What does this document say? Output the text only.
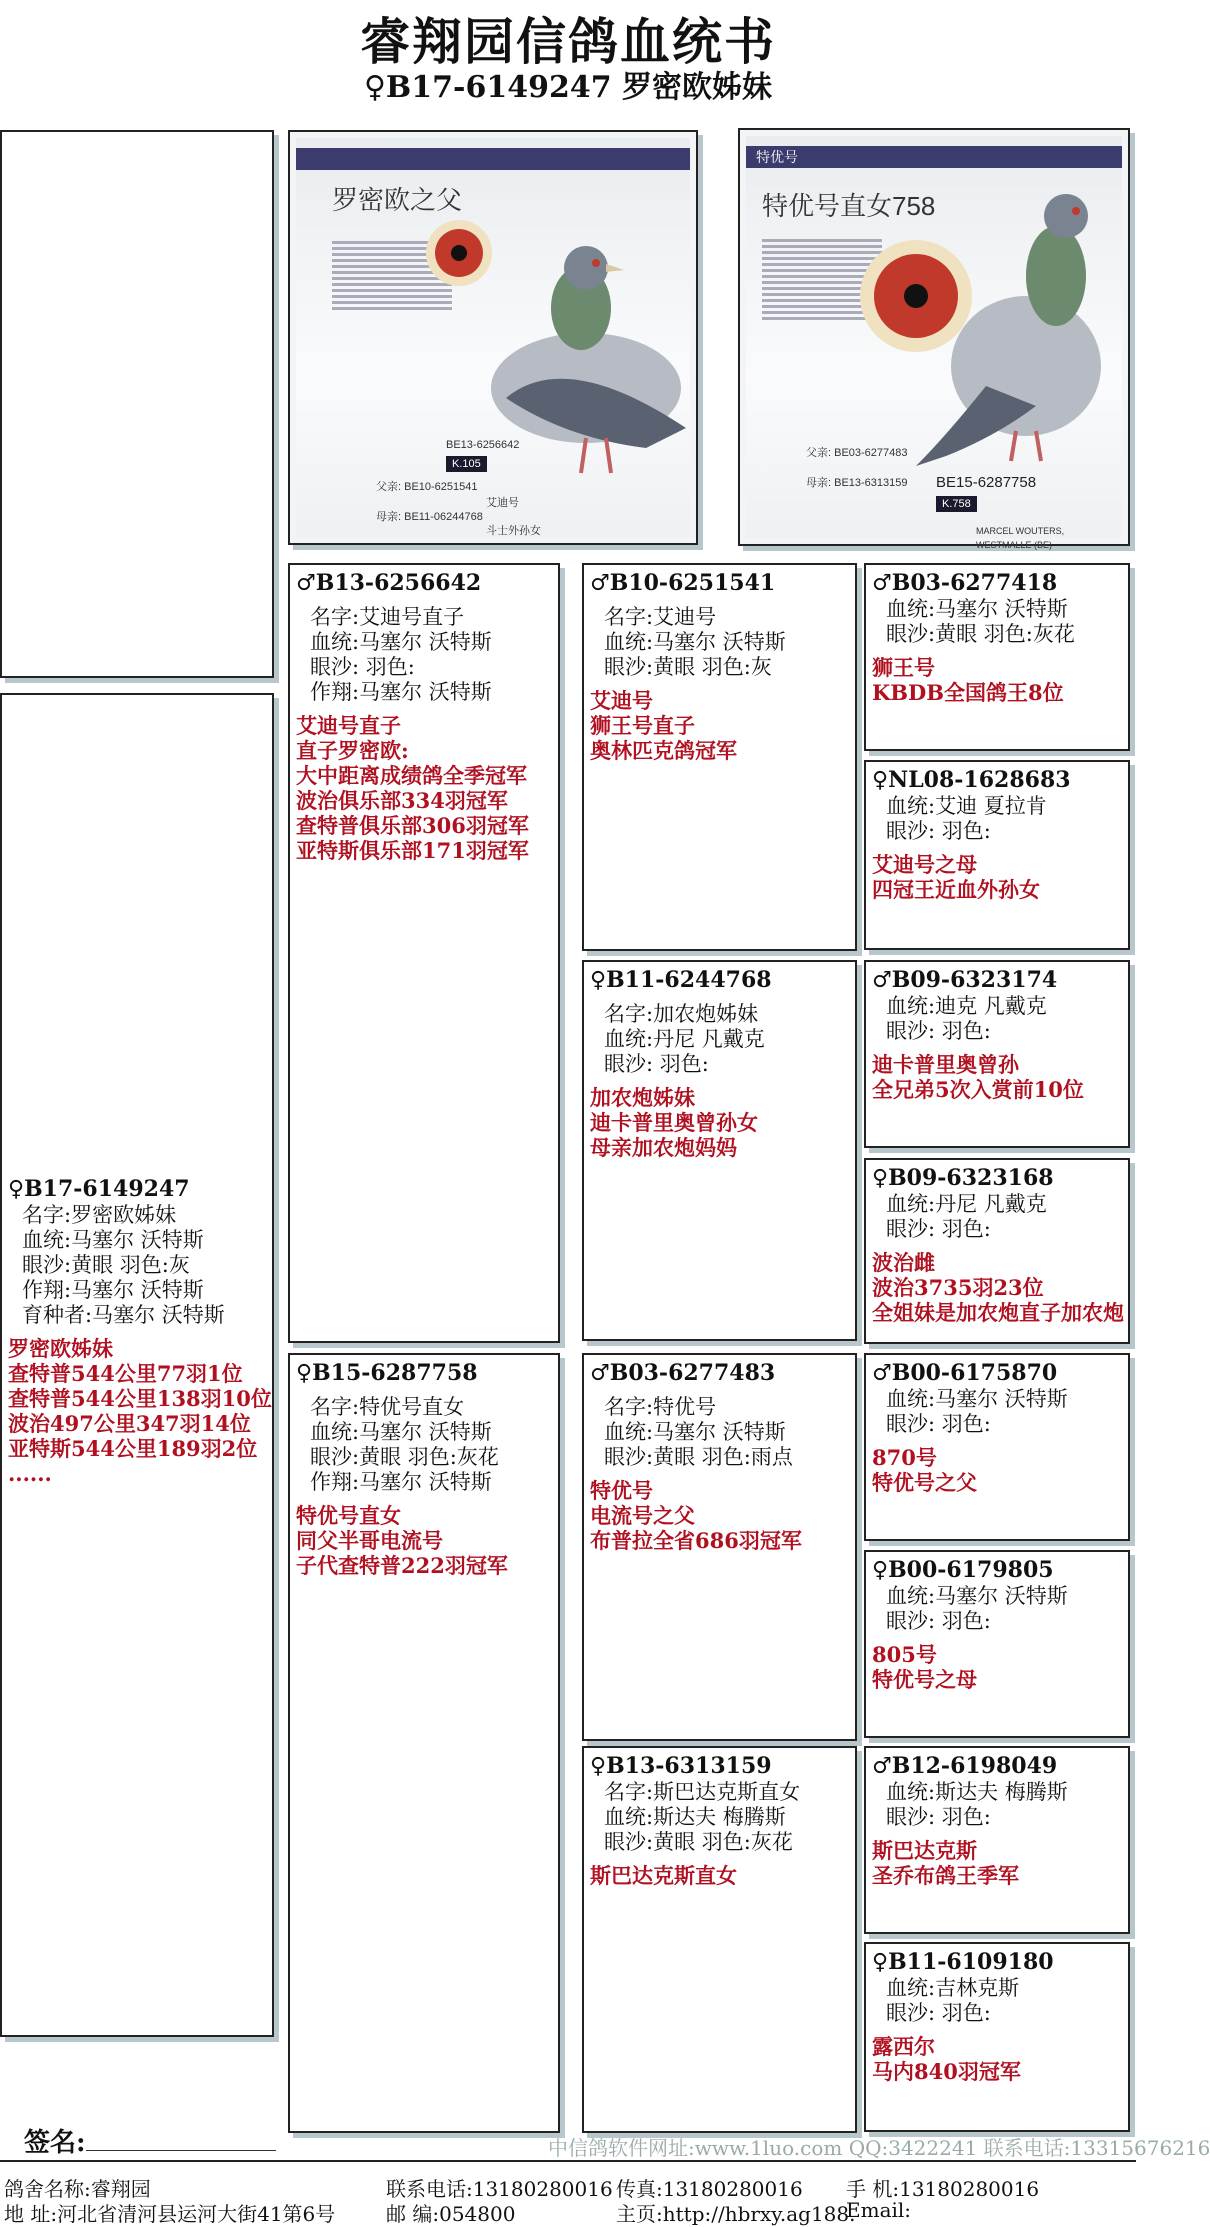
睿翔园信鸽血统书
♀B17-6149247 罗密欧姊妹
罗密欧之父
BE13-6256642
K.105
父亲: BE10-6251541
艾迪号
母亲: BE11-06244768
斗士外孙女
特优号
特优号直女758
父亲: BE03-6277483
母亲: BE13-6313159 BE15-6287758
K.758
MARCEL WOUTERS, WESTMALLE (BE)
♀B17-6149247
名字:罗密欧姊妹
血统:马塞尔 沃特斯
眼沙:黄眼 羽色:灰
作翔:马塞尔 沃特斯
育种者:马塞尔 沃特斯
罗密欧姊妹
查特普544公里77羽1位
查特普544公里138羽10位
波治497公里347羽14位
亚特斯544公里189羽2位
......
♂B13-6256642
名字:艾迪号直子
血统:马塞尔 沃特斯
眼沙: 羽色:
作翔:马塞尔 沃特斯
艾迪号直子
直子罗密欧:
大中距离成绩鸽全季冠军
波治俱乐部334羽冠军
查特普俱乐部306羽冠军
亚特斯俱乐部171羽冠军
♀B15-6287758
名字:特优号直女
血统:马塞尔 沃特斯
眼沙:黄眼 羽色:灰花
作翔:马塞尔 沃特斯
特优号直女
同父半哥电流号
子代查特普222羽冠军
♂B10-6251541
名字:艾迪号
血统:马塞尔 沃特斯
眼沙:黄眼 羽色:灰
艾迪号
狮王号直子
奥林匹克鸽冠军
♀B11-6244768
名字:加农炮姊妹
血统:丹尼 凡戴克
眼沙: 羽色:
加农炮姊妹
迪卡普里奥曾孙女
母亲加农炮妈妈
♂B03-6277483
名字:特优号
血统:马塞尔 沃特斯
眼沙:黄眼 羽色:雨点
特优号
电流号之父
布普拉全省686羽冠军
♀B13-6313159
名字:斯巴达克斯直女
血统:斯达夫 梅腾斯
眼沙:黄眼 羽色:灰花
斯巴达克斯直女
♂B03-6277418
血统:马塞尔 沃特斯
眼沙:黄眼 羽色:灰花
狮王号
KBDB全国鸽王8位
♀NL08-1628683
血统:艾迪 夏拉肯
眼沙: 羽色:
艾迪号之母
四冠王近血外孙女
♂B09-6323174
血统:迪克 凡戴克
眼沙: 羽色:
迪卡普里奥曾孙
全兄弟5次入赏前10位
♀B09-6323168
血统:丹尼 凡戴克
眼沙: 羽色:
波治雌
波治3735羽23位
全姐妹是加农炮直子加农炮
♂B00-6175870
血统:马塞尔 沃特斯
眼沙: 羽色:
870号
特优号之父
♀B00-6179805
血统:马塞尔 沃特斯
眼沙: 羽色:
805号
特优号之母
♂B12-6198049
血统:斯达夫 梅腾斯
眼沙: 羽色:
斯巴达克斯
圣乔布鸽王季军
♀B11-6109180
血统:吉林克斯
眼沙: 羽色:
露西尔
马内840羽冠军
签名:	中信鸽软件网址:www.1luo.com QQ:3422241 联系电话:13315676216
鸽舍名称:睿翔园	联系电话:13180280016 传真:13180280016 手 机:13180280016
地 址:河北省清河县运河大街41第6号	邮 编:054800	主页:http://hbrxy.ag188.
Email:
